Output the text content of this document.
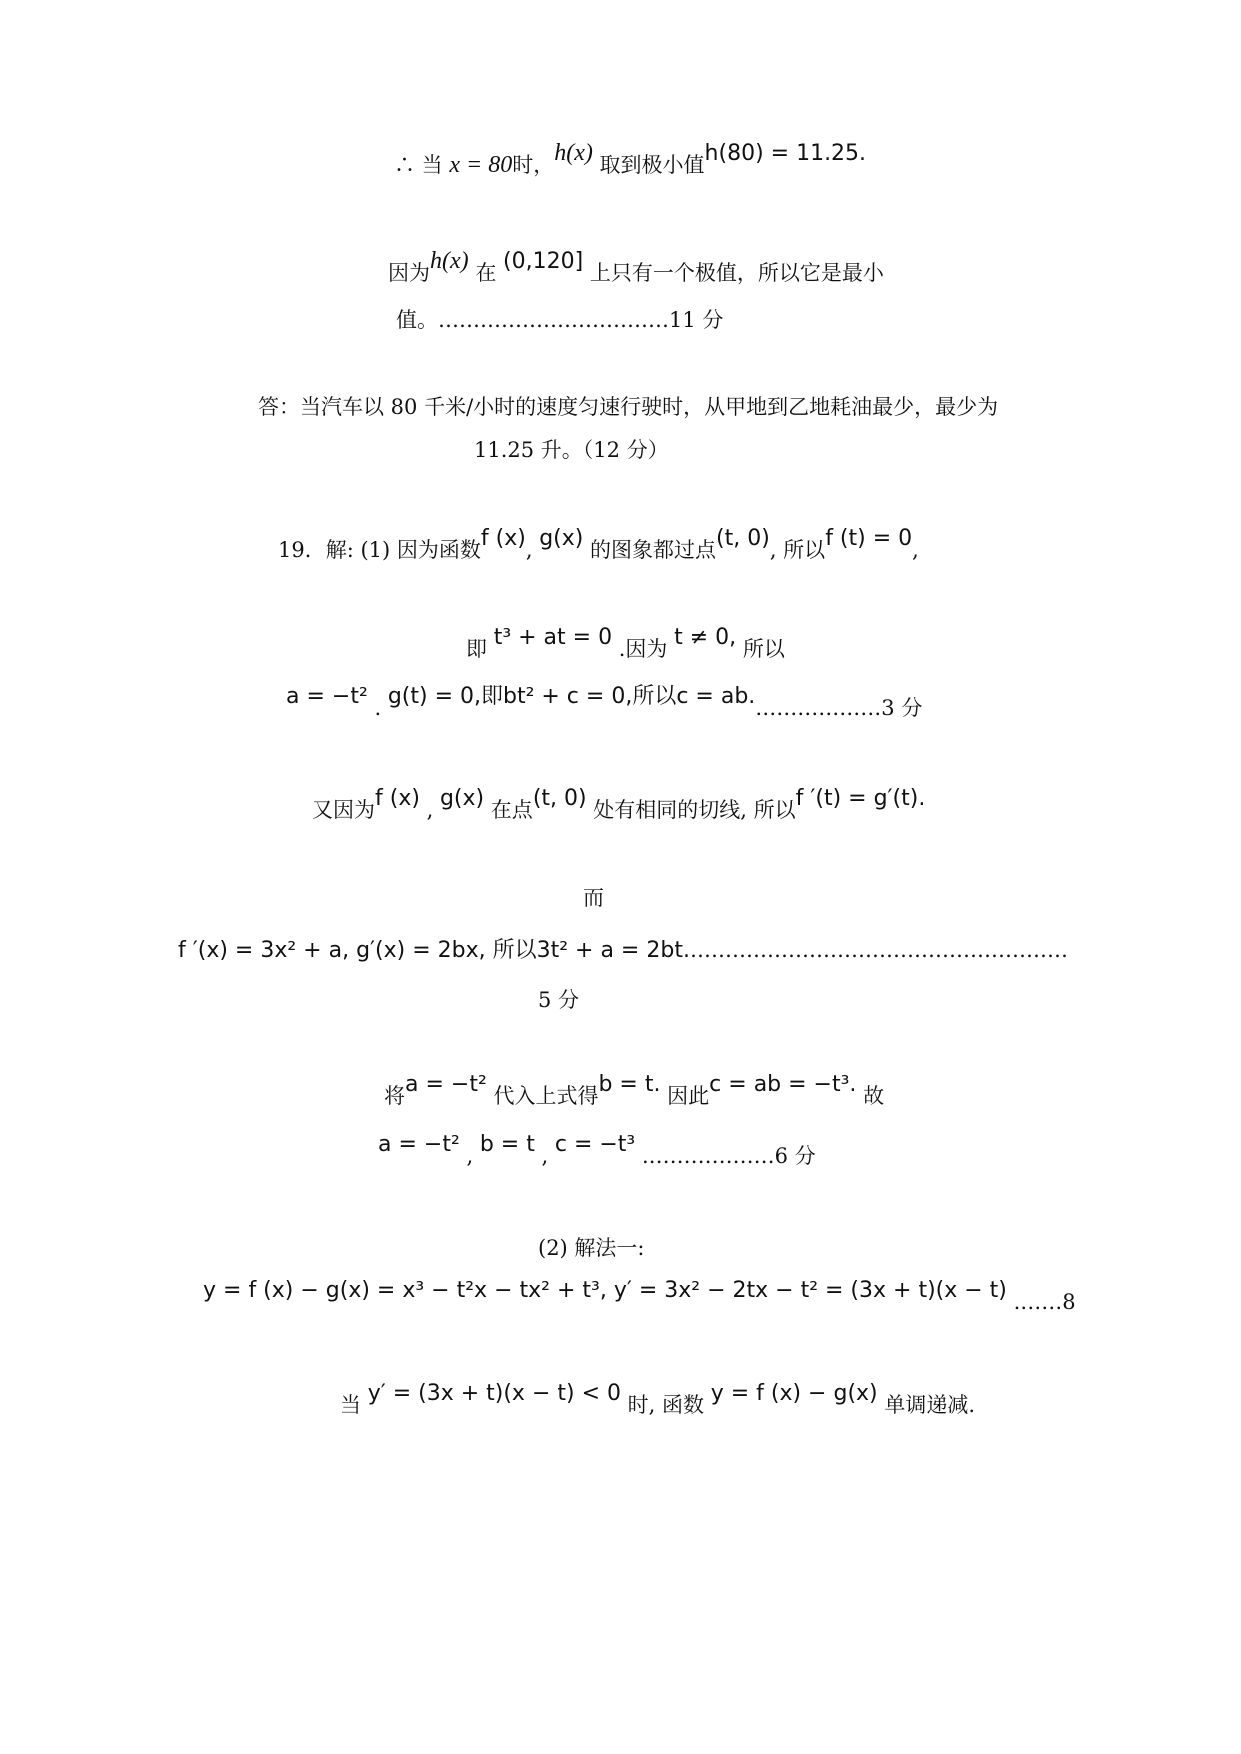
∴ 当 x = 80时，h(x) 取到极小值h(80) = 11.25.
因为h(x) 在 (0,120] 上只有一个极值，所以它是最小
值。……………………………11 分
答：当汽车以 80 千米/小时的速度匀速行驶时，从甲地到乙地耗油最少，最少为
11.25 升。（12 分）
19．解: (1) 因为函数f (x), g(x) 的图象都过点(t, 0), 所以f (t) = 0,
即 t³ + at = 0 .因为 t ≠ 0, 所以
a = −t² . g(t) = 0,即bt² + c = 0,所以c = ab.………………3 分
又因为f (x) , g(x) 在点(t, 0) 处有相同的切线, 所以f ′(t) = g′(t).
而
f ′(x) = 3x² + a, g′(x) = 2bx, 所以3t² + a = 2bt.………………………………………………
5 分
将a = −t² 代入上式得b = t. 因此c = ab = −t³. 故
a = −t² , b = t , c = −t³ .………………6 分
(2) 解法一:
y = f (x) − g(x) = x³ − t²x − tx² + t³, y′ = 3x² − 2tx − t² = (3x + t)(x − t) .……8
当 y′ = (3x + t)(x − t) < 0 时, 函数 y = f (x) − g(x) 单调递减.
